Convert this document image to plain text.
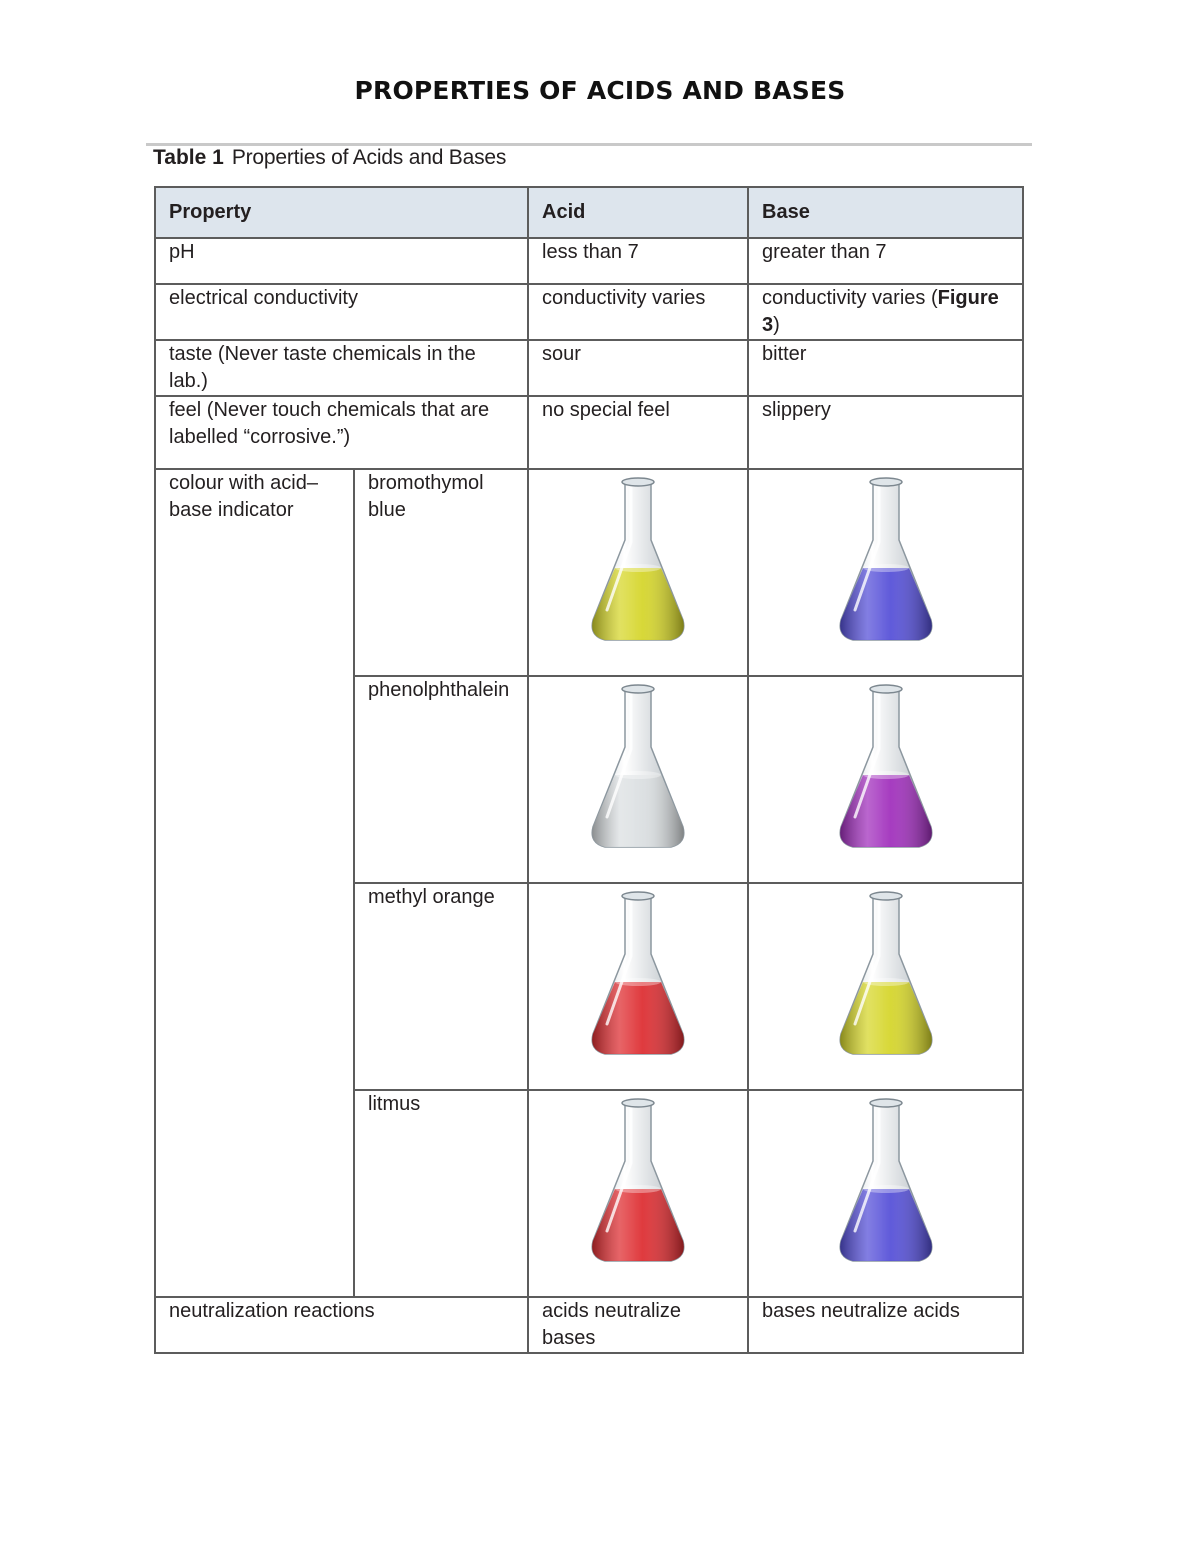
PROPERTIES OF ACIDS AND BASES
Table 1 Properties of Acids and Bases
Property		Acid	Base
pH		less than 7	greater than 7
electrical conductivity		conductivity varies	conductivity varies (Figure 3)
taste (Never taste chemicals in the lab.)		sour	bitter
feel (Never touch chemicals that are labelled “corrosive.”)		no special feel	slippery
colour with acid–base indicator	bromothymol blue	

	phenolphthalein	

	methyl orange	

	litmus	

neutralization reactions		acids neutralize bases	bases neutralize acids
